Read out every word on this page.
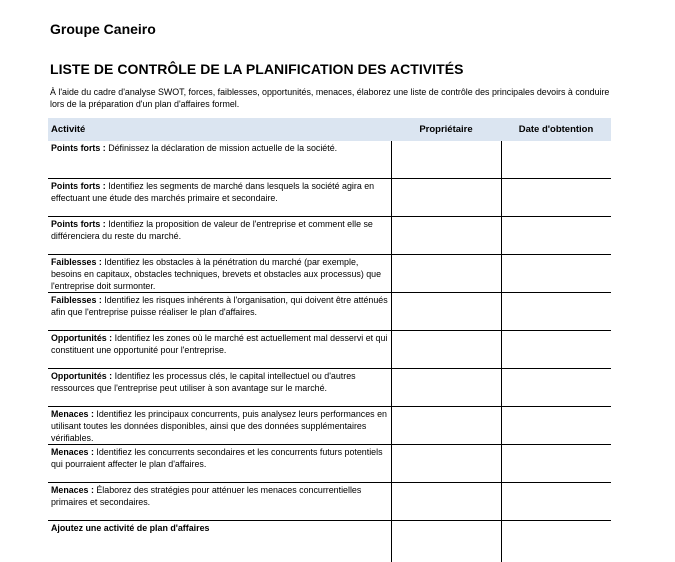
Groupe Caneiro
LISTE DE CONTRÔLE DE LA PLANIFICATION DES ACTIVITÉS
À l'aide du cadre d'analyse SWOT, forces, faiblesses, opportunités, menaces, élaborez une liste de contrôle des principales devoirs à conduire lors de la préparation d'un plan d'affaires formel.
Activité	Propriétaire	Date d'obtention
Points forts : Définissez la déclaration de mission actuelle de la société.		
Points forts : Identifiez les segments de marché dans lesquels la société agira en effectuant une étude des marchés primaire et secondaire.		
Points forts : Identifiez la proposition de valeur de l'entreprise et comment elle se différenciera du reste du marché.		
Faiblesses : Identifiez les obstacles à la pénétration du marché (par exemple, besoins en capitaux, obstacles techniques, brevets et obstacles aux processus) que l'entreprise doit surmonter.		
Faiblesses : Identifiez les risques inhérents à l'organisation, qui doivent être atténués afin que l'entreprise puisse réaliser le plan d'affaires.		
Opportunités : Identifiez les zones où le marché est actuellement mal desservi et qui constituent une opportunité pour l'entreprise.		
Opportunités : Identifiez les processus clés, le capital intellectuel ou d'autres ressources que l'entreprise peut utiliser à son avantage sur le marché.		
Menaces : Identifiez les principaux concurrents, puis analysez leurs performances en utilisant toutes les données disponibles, ainsi que des données supplémentaires vérifiables.		
Menaces : Identifiez les concurrents secondaires et les concurrents futurs potentiels qui pourraient affecter le plan d'affaires.		
Menaces : Élaborez des stratégies pour atténuer les menaces concurrentielles primaires et secondaires.		
Ajoutez une activité de plan d'affaires		
